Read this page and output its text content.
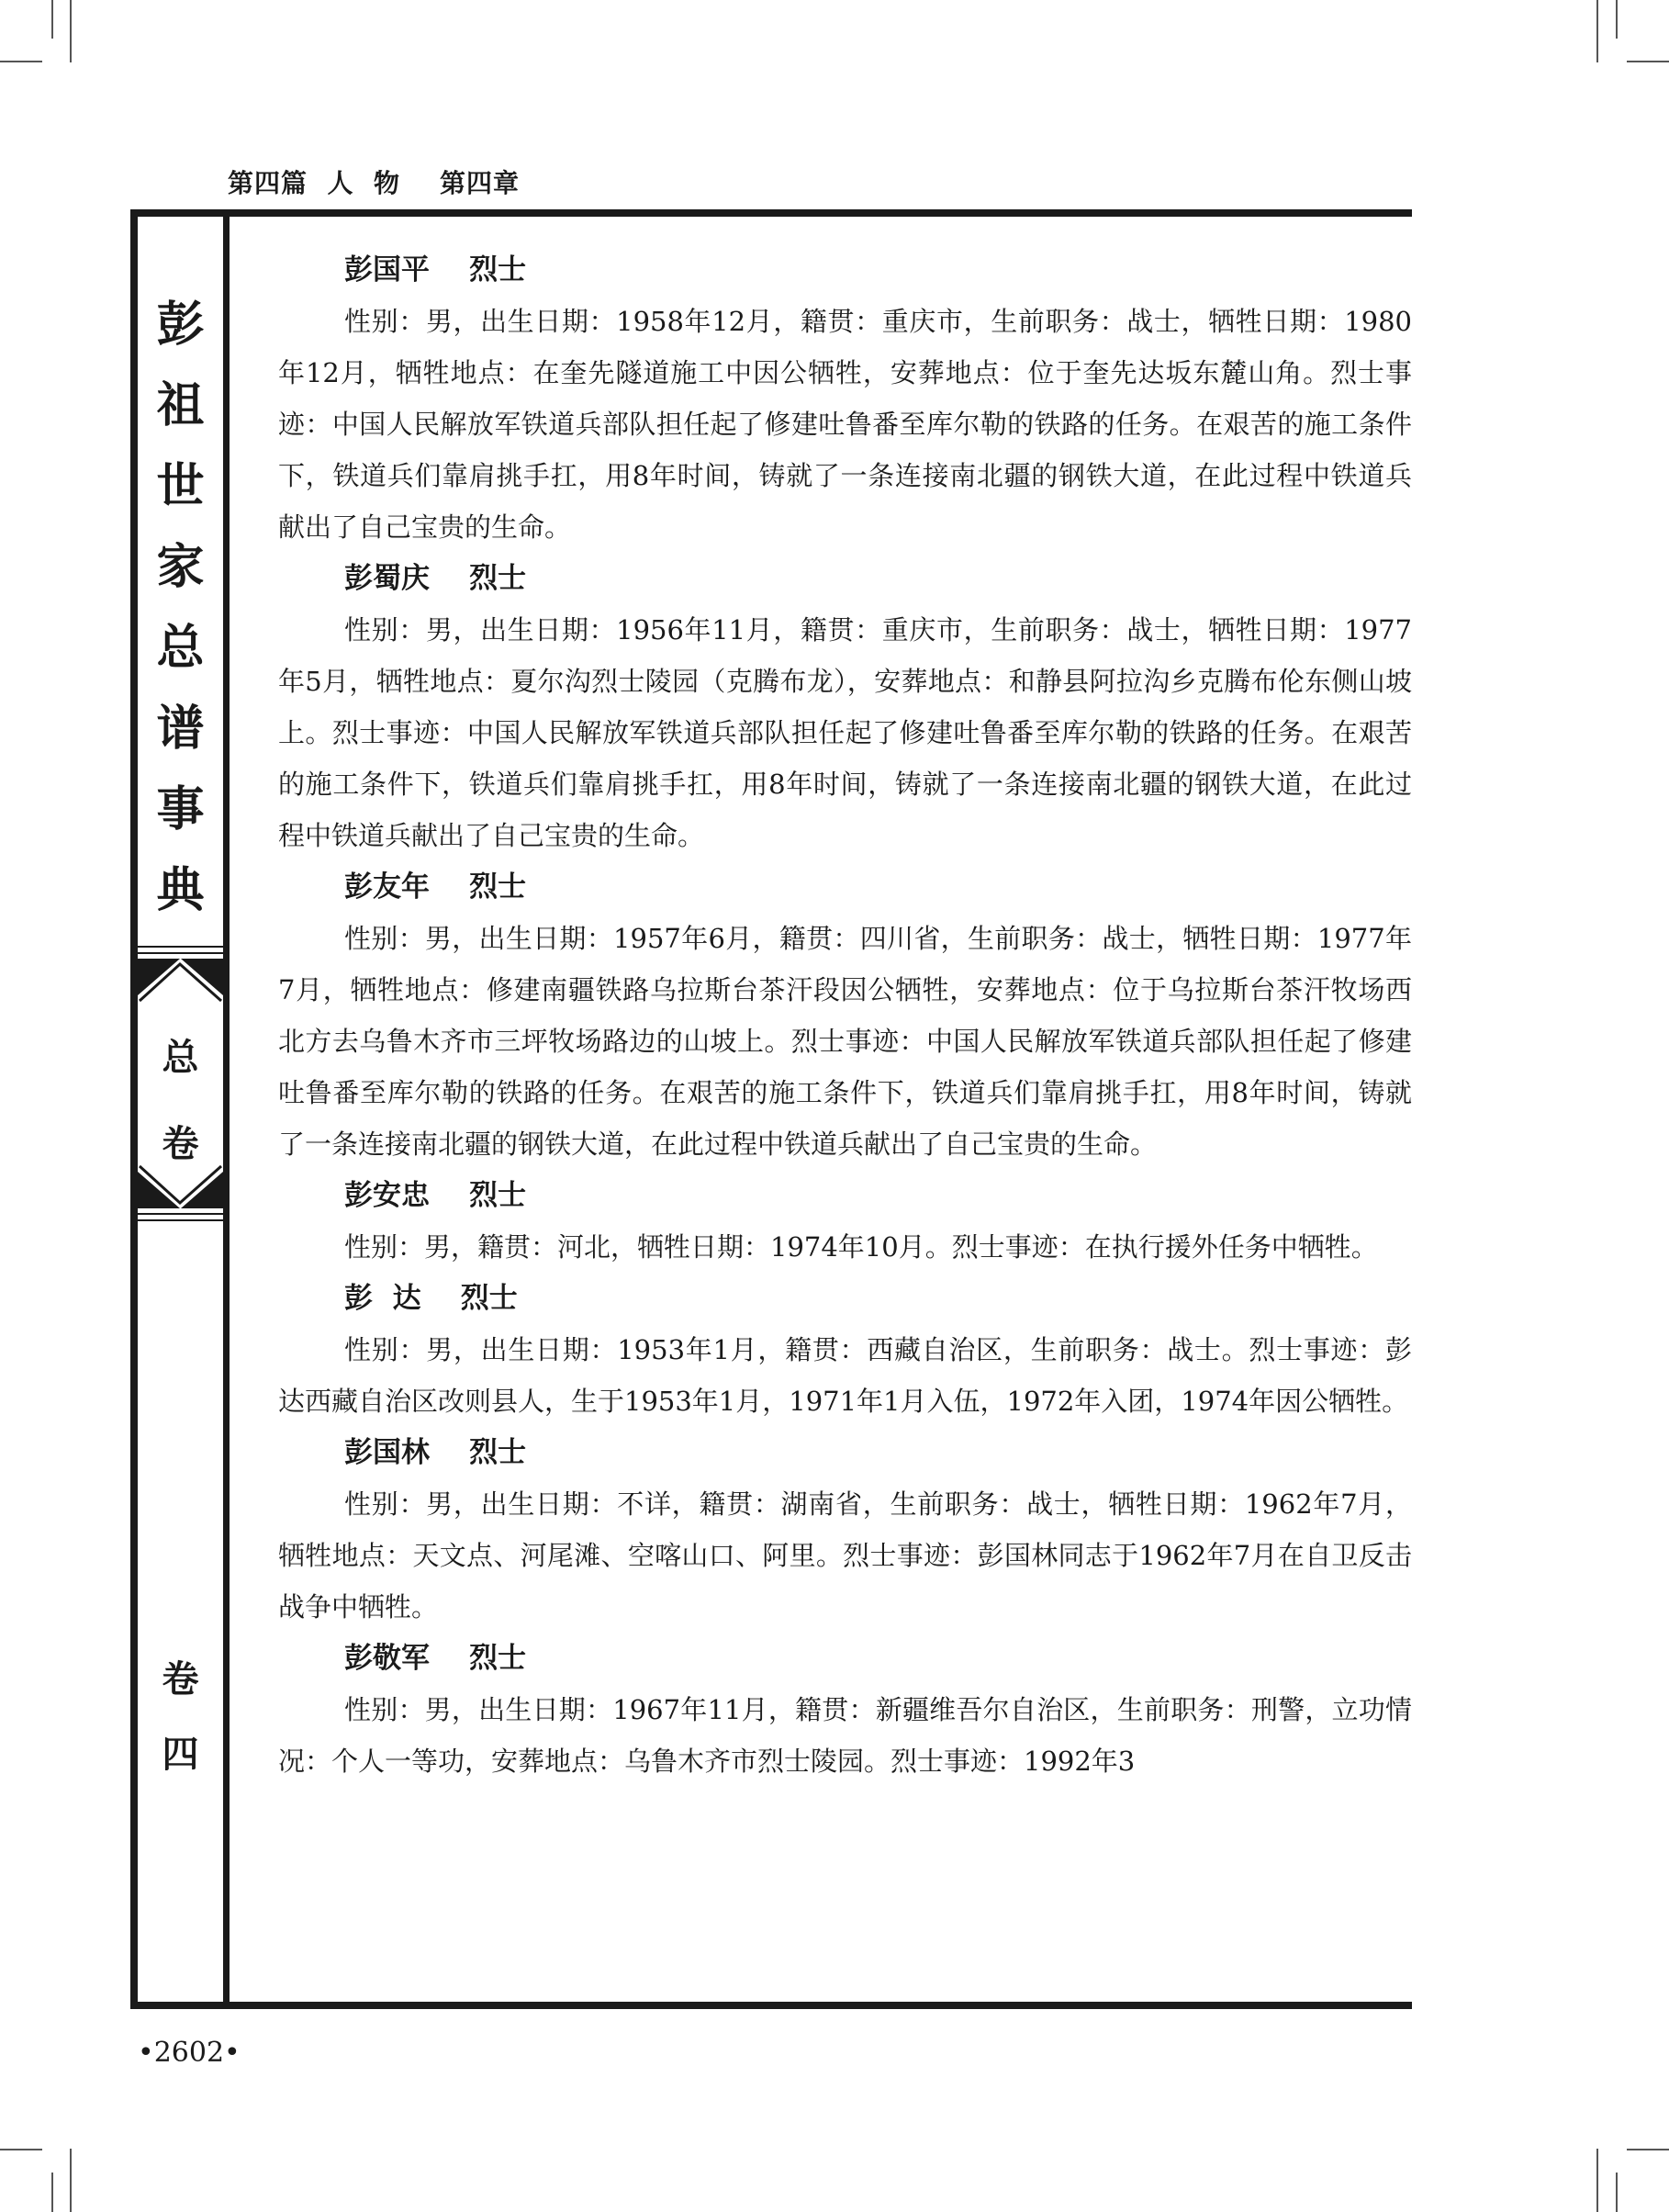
第四篇  人  物    第四章
彭
祖
世
家
总
谱
事
典
总
卷
卷
四
彭国平    烈士

性别：男，出生日期：1958年12月，籍贯：重庆市，生前职务：战士，牺牲日期：1980年12月，牺牲地点：在奎先隧道施工中因公牺牲，安葬地点：位于奎先达坂东麓山角。烈士事迹：中国人民解放军铁道兵部队担任起了修建吐鲁番至库尔勒的铁路的任务。在艰苦的施工条件下，铁道兵们靠肩挑手扛，用8年时间，铸就了一条连接南北疆的钢铁大道，在此过程中铁道兵献出了自己宝贵的生命。

彭蜀庆    烈士

性别：男，出生日期：1956年11月，籍贯：重庆市，生前职务：战士，牺牲日期：1977年5月，牺牲地点：夏尔沟烈士陵园（克腾布龙），安葬地点：和静县阿拉沟乡克腾布伦东侧山坡上。烈士事迹：中国人民解放军铁道兵部队担任起了修建吐鲁番至库尔勒的铁路的任务。在艰苦的施工条件下，铁道兵们靠肩挑手扛，用8年时间，铸就了一条连接南北疆的钢铁大道，在此过程中铁道兵献出了自己宝贵的生命。

彭友年    烈士

性别：男，出生日期：1957年6月，籍贯：四川省，生前职务：战士，牺牲日期：1977年7月，牺牲地点：修建南疆铁路乌拉斯台茶汗段因公牺牲，安葬地点：位于乌拉斯台茶汗牧场西北方去乌鲁木齐市三坪牧场路边的山坡上。烈士事迹：中国人民解放军铁道兵部队担任起了修建吐鲁番至库尔勒的铁路的任务。在艰苦的施工条件下，铁道兵们靠肩挑手扛，用8年时间，铸就了一条连接南北疆的钢铁大道，在此过程中铁道兵献出了自己宝贵的生命。

彭安忠    烈士

性别：男，籍贯：河北，牺牲日期：1974年10月。烈士事迹：在执行援外任务中牺牲。

彭  达    烈士

性别：男，出生日期：1953年1月，籍贯：西藏自治区，生前职务：战士。烈士事迹：彭达西藏自治区改则县人，生于1953年1月，1971年1月入伍，1972年入团，1974年因公牺牲。

彭国林    烈士

性别：男，出生日期：不详，籍贯：湖南省，生前职务：战士，牺牲日期：1962年7月，牺牲地点：天文点、河尾滩、空喀山口、阿里。烈士事迹：彭国林同志于1962年7月在自卫反击战争中牺牲。

彭敬军    烈士

性别：男，出生日期：1967年11月，籍贯：新疆维吾尔自治区，生前职务：刑警，立功情况：个人一等功，安葬地点：乌鲁木齐市烈士陵园。烈士事迹：1992年3

•2602•
